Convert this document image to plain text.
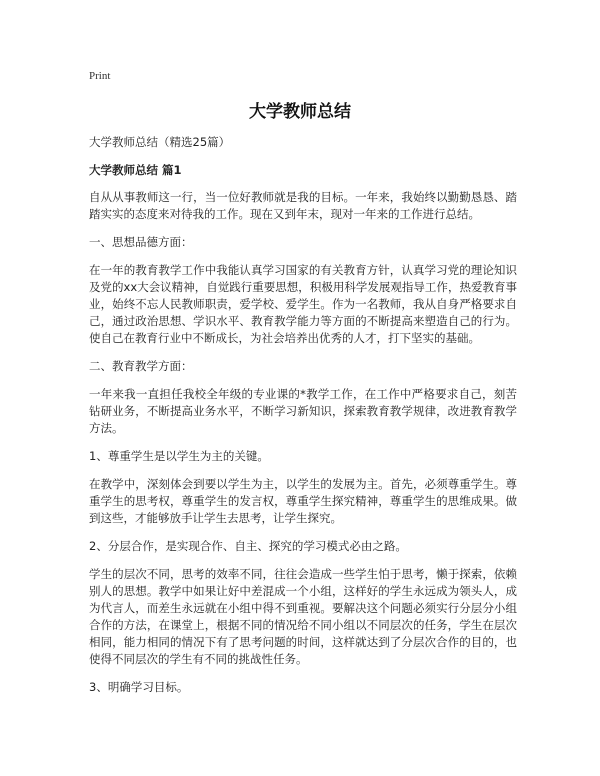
Print
大学教师总结
大学教师总结（精选25篇）
大学教师总结 篇1
自从从事教师这一行，当一位好教师就是我的目标。一年来，我始终以勤勤恳恳、踏踏实实的态度来对待我的工作。现在又到年末，现对一年来的工作进行总结。
一、思想品德方面：
在一年的教育教学工作中我能认真学习国家的有关教育方针，认真学习党的理论知识及党的xx大会议精神，自觉践行重要思想，积极用科学发展观指导工作，热爱教育事业，始终不忘人民教师职责，爱学校、爱学生。作为一名教师，我从自身严格要求自己，通过政治思想、学识水平、教育教学能力等方面的不断提高来塑造自己的行为。使自己在教育行业中不断成长，为社会培养出优秀的人才，打下坚实的基础。
二、教育教学方面：
一年来我一直担任我校全年级的专业课的*教学工作，在工作中严格要求自己，刻苦钻研业务，不断提高业务水平，不断学习新知识，探索教育教学规律，改进教育教学方法。
1、尊重学生是以学生为主的关键。
在教学中，深刻体会到要以学生为主，以学生的发展为主。首先，必须尊重学生。尊重学生的思考权，尊重学生的发言权，尊重学生探究精神，尊重学生的思维成果。做到这些，才能够放手让学生去思考，让学生探究。
2、分层合作，是实现合作、自主、探究的学习模式必由之路。
学生的层次不同，思考的效率不同，往往会造成一些学生怕于思考，懒于探索，依赖别人的思想。教学中如果让好中差混成一个小组，这样好的学生永远成为领头人，成为代言人，而差生永远就在小组中得不到重视。要解决这个问题必须实行分层分小组合作的方法，在课堂上，根据不同的情况给不同小组以不同层次的任务，学生在层次相同，能力相同的情况下有了思考问题的时间，这样就达到了分层次合作的目的，也使得不同层次的学生有不同的挑战性任务。
3、明确学习目标。
